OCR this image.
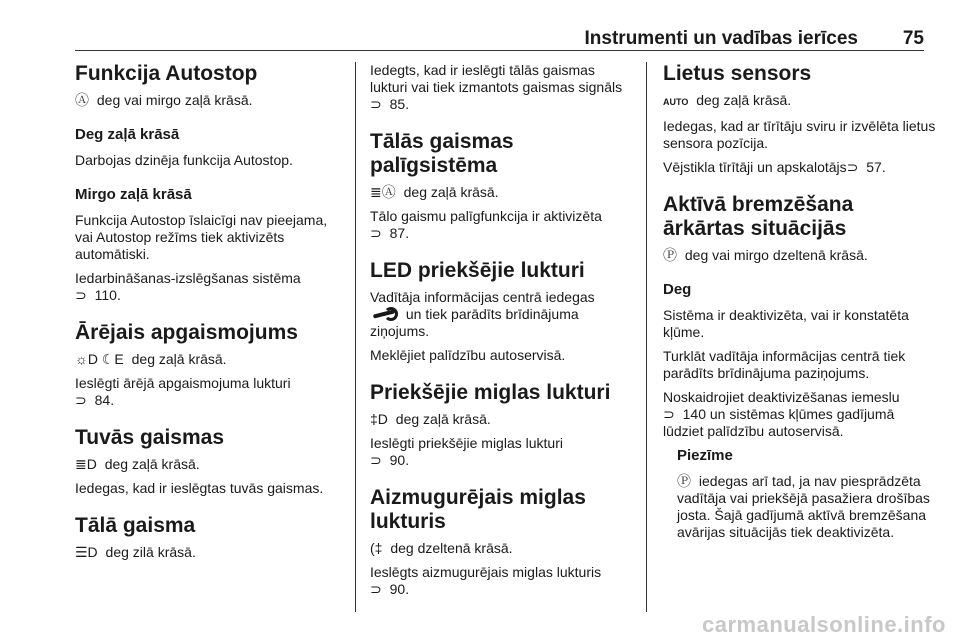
Instrumenti un vadības ierīces 75
Funkcija Autostop

Ⓐ deg vai mirgo zaļā krāsā.

Deg zaļā krāsā

Darbojas dzinēja funkcija Autostop.

Mirgo zaļā krāsā

Funkcija Autostop īslaicīgi nav pieejama, vai Autostop režīms tiek aktivizēts automātiski.

Iedarbināšanas-izslēgšanas sistēma
⊃ 110.

Ārējais apgaismojums

☼D ☾E deg zaļā krāsā.

Ieslēgti ārējā apgaismojuma lukturi
⊃ 84.

Tuvās gaismas

≣D deg zaļā krāsā.

Iedegas, kad ir ieslēgtas tuvās gaismas.

Tālā gaisma

☰D deg zilā krāsā.

Iedegts, kad ir ieslēgti tālās gaismas lukturi vai tiek izmantots gaismas signāls⊃ 85.

Tālās gaismas palīgsistēma

≣Ⓐ deg zaļā krāsā.

Tālo gaismu palīgfunkcija ir aktivizēta
⊃ 87.

LED priekšējie lukturi

Vadītāja informācijas centrā iedegas
un tiek parādīts brīdinājuma ziņojums.

Meklējiet palīdzību autoservisā.

Priekšējie miglas lukturi

‡D deg zaļā krāsā.

Ieslēgti priekšējie miglas lukturi
⊃ 90.

Aizmugurējais miglas lukturis

(‡ deg dzeltenā krāsā.

Ieslēgts aizmugurējais miglas lukturis
⊃ 90.

Lietus sensors

AUTO deg zaļā krāsā.

Iedegas, kad ar tīrītāju sviru ir izvēlēta lietus sensora pozīcija.

Vējstikla tīrītāji un apskalotājs⊃ 57.

Aktīvā bremzēšana ārkārtas situācijās

Ⓟ deg vai mirgo dzeltenā krāsā.

Deg

Sistēma ir deaktivizēta, vai ir konstatēta kļūme.

Turklāt vadītāja informācijas centrā tiek parādīts brīdinājuma paziņojums.

Noskaidrojiet deaktivizēšanas iemeslu
⊃ 140 un sistēmas kļūmes gadījumā lūdziet palīdzību autoservisā.

Piezīme

Ⓟ iedegas arī tad, ja nav piesprādzēta vadītāja vai priekšējā pasažiera drošības josta. Šajā gadījumā aktīvā bremzēšana avārijas situācijās tiek deaktivizēta.

carmanualsonline.info
